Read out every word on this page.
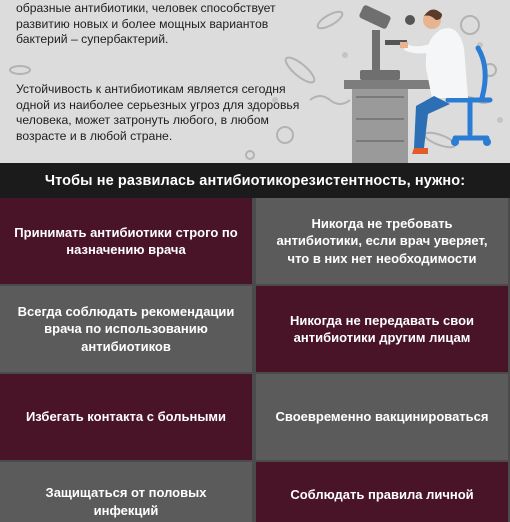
образные антибиотики, человек способствует развитию новых и более мощных вариантов бактерий – супербактерий.

Устойчивость к антибиотикам является сегодня одной из наиболее серьезных угроз для здоровья человека, может затронуть любого, в любом возрасте и в любой стране.

Чтобы не развилась антибиотикорезистентность, нужно:
Принимать антибиотики строго по назначению врача
Никогда не требовать антибиотики, если врач уверяет, что в них нет необходимости
Всегда соблюдать рекомендации врача по использованию антибиотиков
Никогда не передавать свои антибиотики другим лицам
Избегать контакта с больными	Своевременно вакцинироваться
Защищаться от половых инфекций
Соблюдать правила личной
